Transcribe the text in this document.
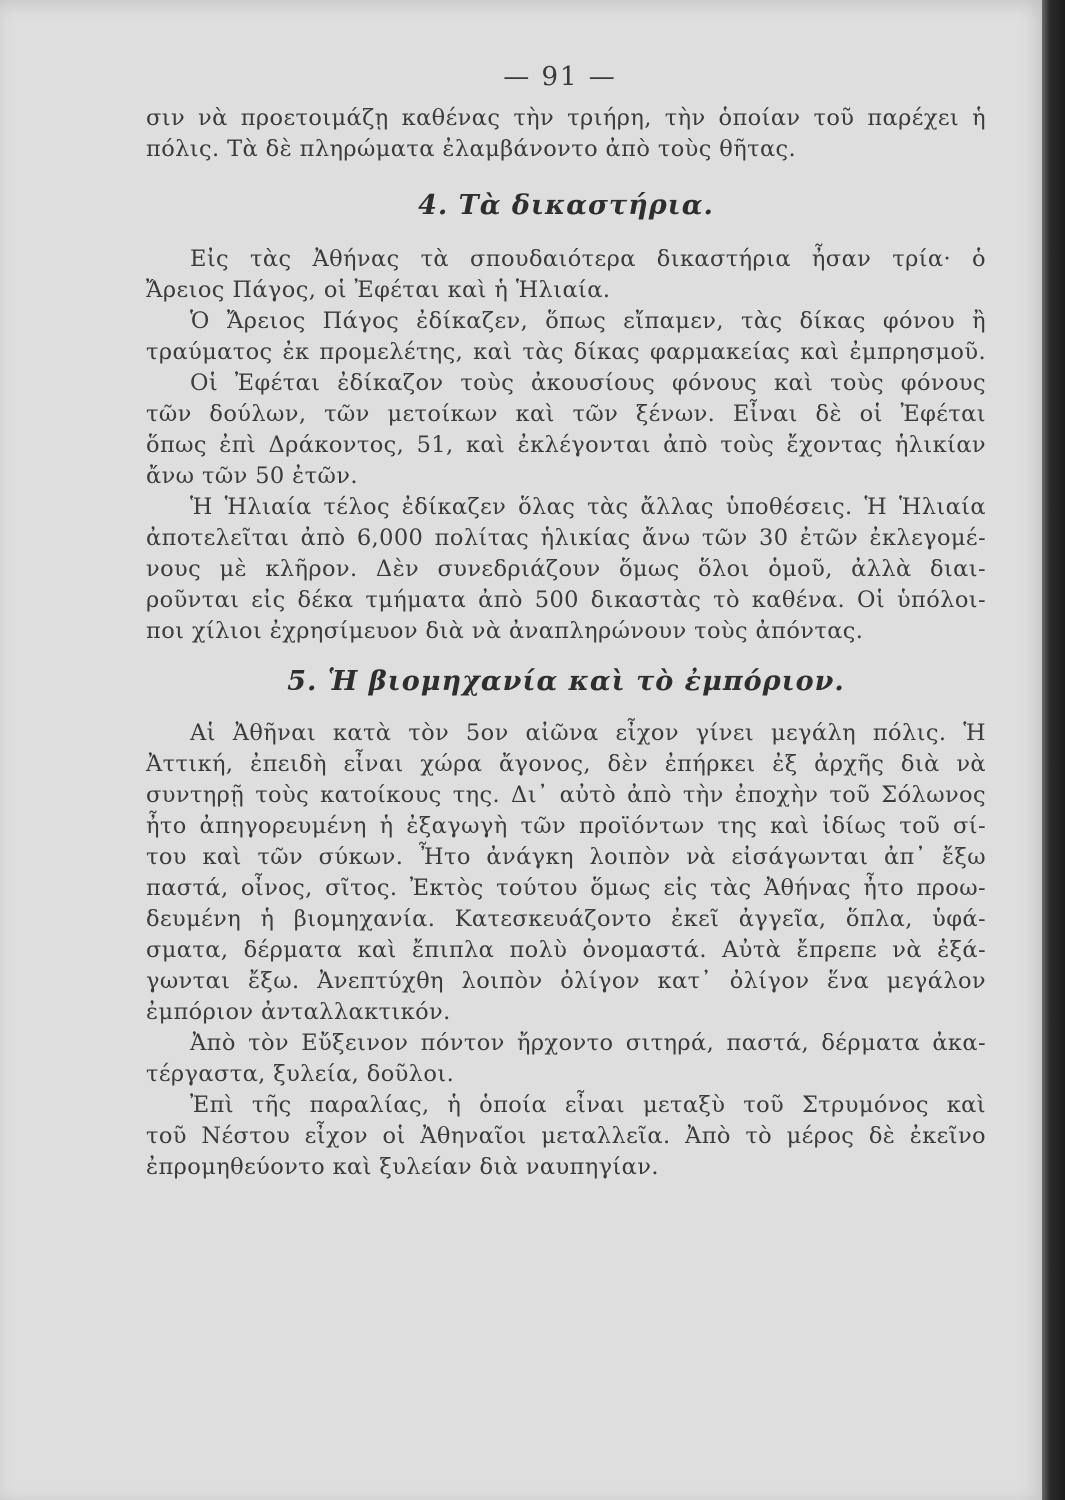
— 91 —
σιν νὰ προετοιμάζῃ καθένας τὴν τριήρη, τὴν ὁποίαν τοῦ παρέχει ἡ
πόλις. Τὰ δὲ πληρώματα ἐλαμβάνοντο ἀπὸ τοὺς θῆτας.
4. Τὰ δικαστήρια.
Εἰς τὰς Ἀθήνας τὰ σπουδαιότερα δικαστήρια ἦσαν τρία· ὁ
Ἄρειος Πάγος, οἱ Ἐφέται καὶ ἡ Ἡλιαία.
Ὁ Ἄρειος Πάγος ἐδίκαζεν, ὅπως εἴπαμεν, τὰς δίκας φόνου ἢ
τραύματος ἐκ προμελέτης, καὶ τὰς δίκας φαρμακείας καὶ ἐμπρησμοῦ.
Οἱ Ἐφέται ἐδίκαζον τοὺς ἀκουσίους φόνους καὶ τοὺς φόνους
τῶν δούλων, τῶν μετοίκων καὶ τῶν ξένων. Εἶναι δὲ οἱ Ἐφέται
ὅπως ἐπὶ Δράκοντος, 51, καὶ ἐκλέγονται ἀπὸ τοὺς ἔχοντας ἡλικίαν
ἄνω τῶν 50 ἐτῶν.
Ἡ Ἡλιαία τέλος ἐδίκαζεν ὅλας τὰς ἄλλας ὑποθέσεις. Ἡ Ἡλιαία
ἀποτελεῖται ἀπὸ 6,000 πολίτας ἡλικίας ἄνω τῶν 30 ἐτῶν ἐκλεγομέ-
νους μὲ κλῆρον. Δὲν συνεδριάζουν ὅμως ὅλοι ὁμοῦ, ἀλλὰ διαι-
ροῦνται εἰς δέκα τμήματα ἀπὸ 500 δικαστὰς τὸ καθένα. Οἱ ὑπόλοι-
ποι χίλιοι ἐχρησίμευον διὰ νὰ ἀναπληρώνουν τοὺς ἀπόντας.
5. Ἡ βιομηχανία καὶ τὸ ἐμπόριον.
Αἱ Ἀθῆναι κατὰ τὸν 5ον αἰῶνα εἶχον γίνει μεγάλη πόλις. Ἡ
Ἀττική, ἐπειδὴ εἶναι χώρα ἄγονος, δὲν ἐπήρκει ἐξ ἀρχῆς διὰ νὰ
συντηρῇ τοὺς κατοίκους της. Δι᾽ αὐτὸ ἀπὸ τὴν ἐποχὴν τοῦ Σόλωνος
ἦτο ἀπηγορευμένη ἡ ἐξαγωγὴ τῶν προϊόντων της καὶ ἰδίως τοῦ σί-
του καὶ τῶν σύκων. Ἦτο ἀνάγκη λοιπὸν νὰ εἰσάγωνται ἀπ᾽ ἔξω
παστά, οἶνος, σῖτος. Ἐκτὸς τούτου ὅμως εἰς τὰς Ἀθήνας ἦτο προω-
δευμένη ἡ βιομηχανία. Κατεσκευάζοντο ἐκεῖ ἀγγεῖα, ὅπλα, ὑφά-
σματα, δέρματα καὶ ἔπιπλα πολὺ ὀνομαστά. Αὐτὰ ἔπρεπε νὰ ἐξά-
γωνται ἔξω. Ἀνεπτύχθη λοιπὸν ὀλίγον κατ᾽ ὀλίγον ἕνα μεγάλον
ἐμπόριον ἀνταλλακτικόν.
Ἀπὸ τὸν Εὔξεινον πόντον ἤρχοντο σιτηρά, παστά, δέρματα ἀκα-
τέργαστα, ξυλεία, δοῦλοι.
Ἐπὶ τῆς παραλίας, ἡ ὁποία εἶναι μεταξὺ τοῦ Στρυμόνος καὶ
τοῦ Νέστου εἶχον οἱ Ἀθηναῖοι μεταλλεῖα. Ἀπὸ τὸ μέρος δὲ ἐκεῖνο
ἐπρομηθεύοντο καὶ ξυλείαν διὰ ναυπηγίαν.
